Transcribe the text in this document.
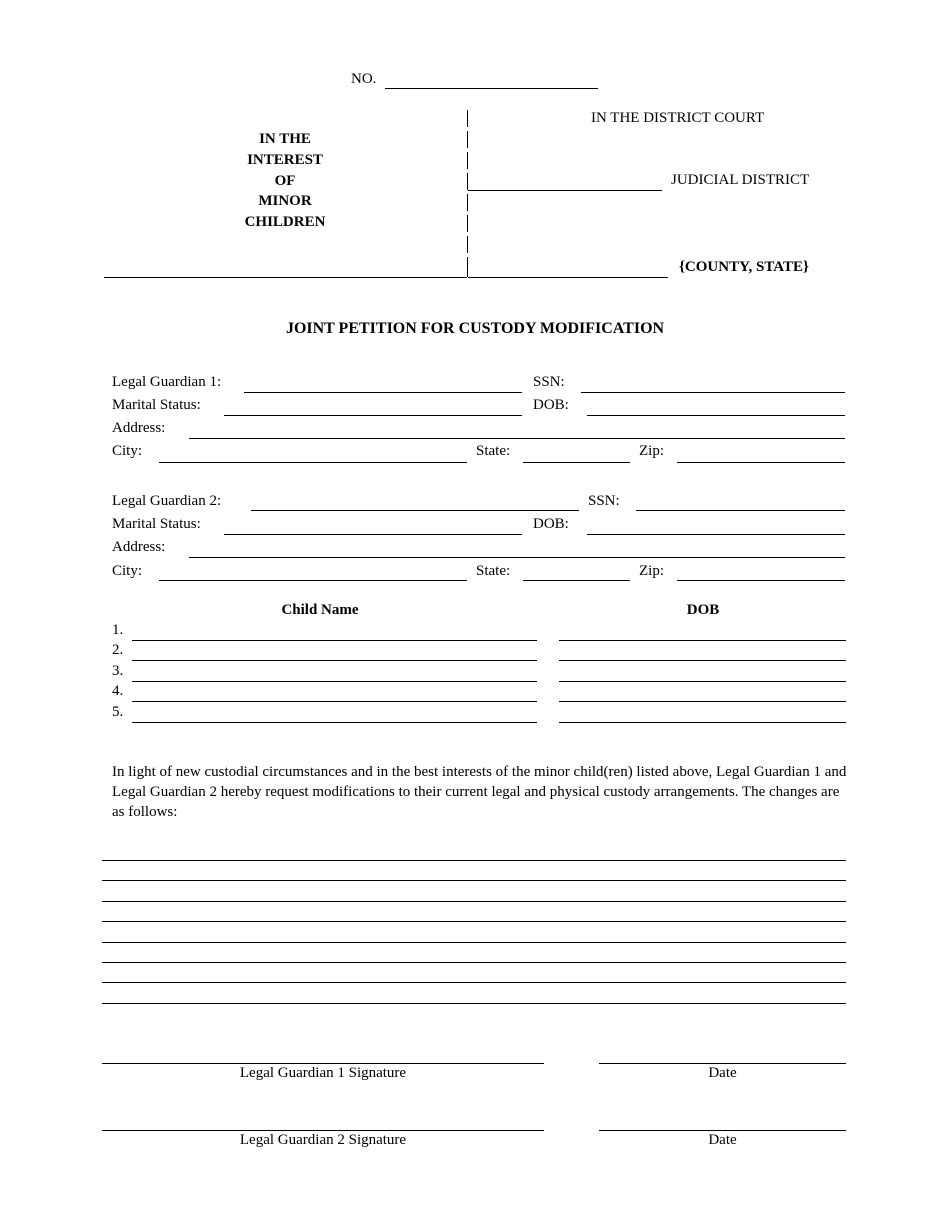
NO.
IN THE
INTEREST
OF
MINOR
CHILDREN
IN THE DISTRICT COURT
JUDICIAL DISTRICT
{COUNTY, STATE}
JOINT PETITION FOR CUSTODY MODIFICATION
Legal Guardian 1:	SSN:
Marital Status:	DOB:
Address:
City:	State:	Zip:
Legal Guardian 2:	SSN:
Marital Status:	DOB:
Address:
City:	State:	Zip:
Child Name	DOB
1.
2.
3.
4.
5.
In light of new custodial circumstances and in the best interests of the minor child(ren) listed above, Legal Guardian 1 and Legal Guardian 2 hereby request modifications to their current legal and physical custody arrangements. The changes are as follows:
Legal Guardian 1 Signature	Date
Legal Guardian 2 Signature	Date
